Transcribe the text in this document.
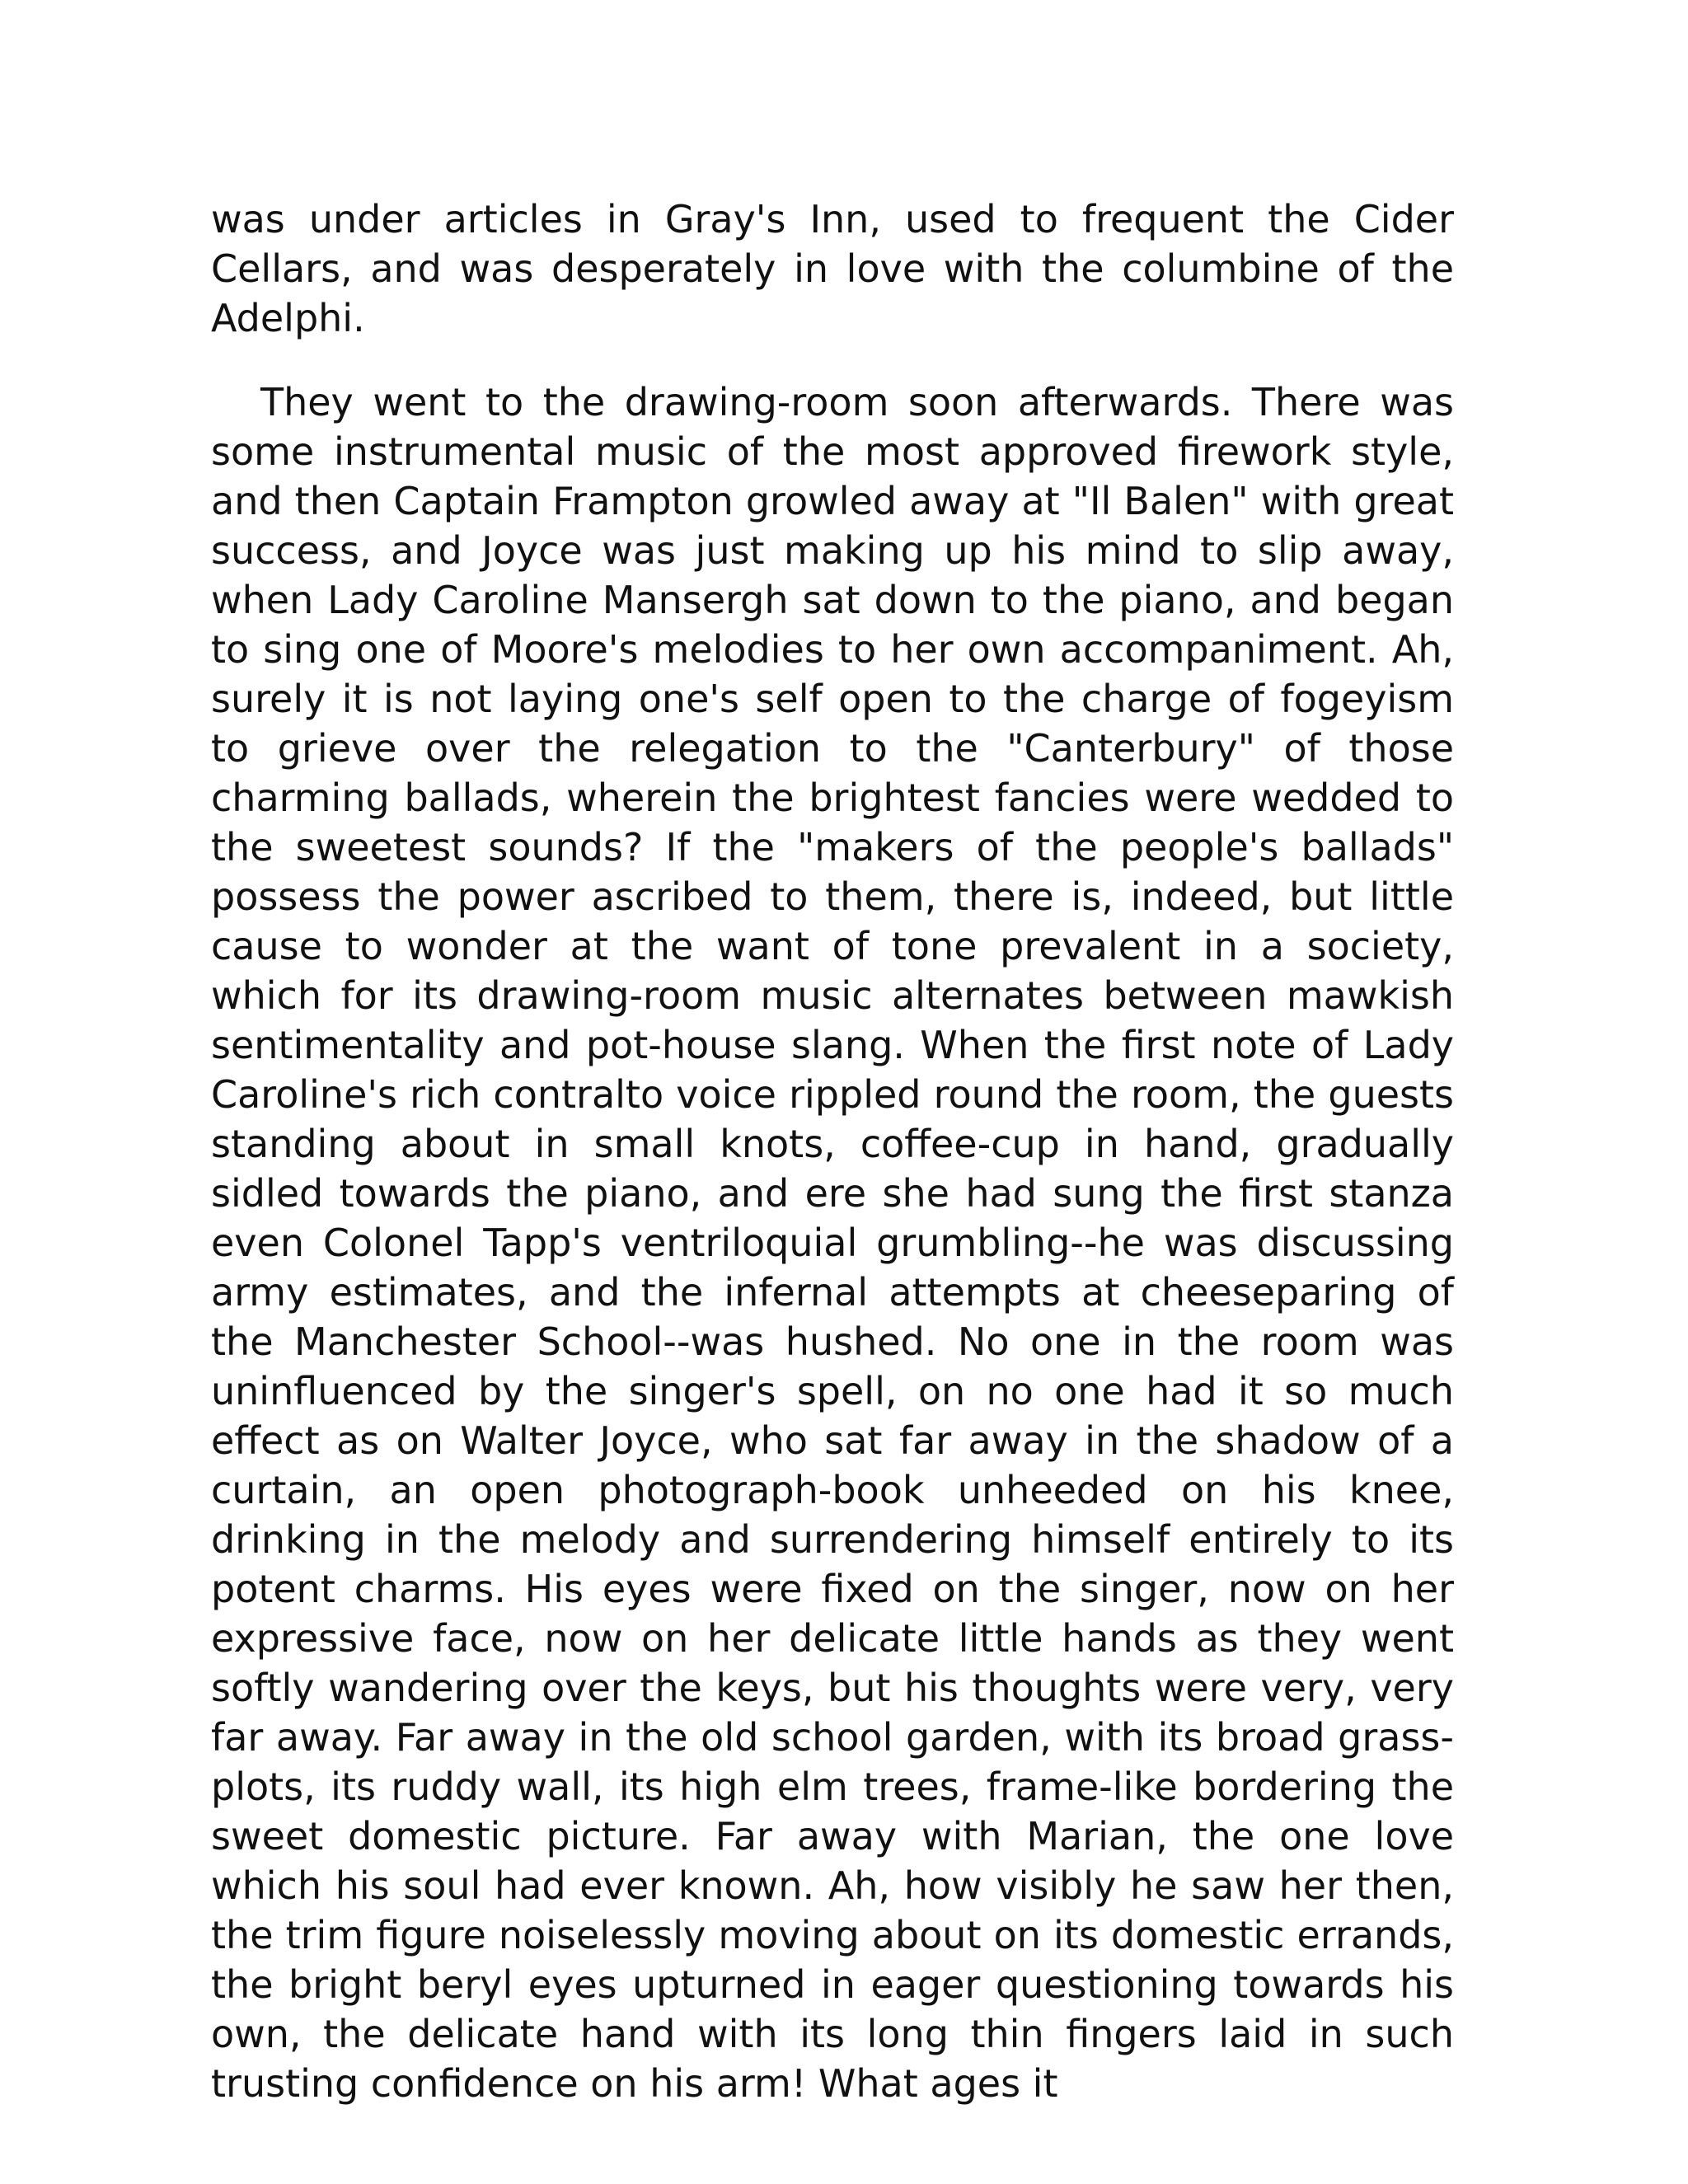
was under articles in Gray's Inn, used to frequent the Cider Cellars, and was desperately in love with the columbine of the Adelphi.

They went to the drawing-room soon afterwards. There was some instrumental music of the most approved firework style, and then Captain Frampton growled away at "Il Balen" with great success, and Joyce was just making up his mind to slip away, when Lady Caroline Mansergh sat down to the piano, and began to sing one of Moore's melodies to her own accompaniment. Ah, surely it is not laying one's self open to the charge of fogeyism to grieve over the relegation to the "Canterbury" of those charming ballads, wherein the brightest fancies were wedded to the sweetest sounds? If the "makers of the people's ballads" possess the power ascribed to them, there is, indeed, but little cause to wonder at the want of tone prevalent in a society, which for its drawing-room music alternates between mawkish sentimentality and pot-house slang. When the first note of Lady Caroline's rich contralto voice rippled round the room, the guests standing about in small knots, coffee-cup in hand, gradually sidled towards the piano, and ere she had sung the first stanza even Colonel Tapp's ventriloquial grumbling--he was discussing army estimates, and the infernal attempts at cheeseparing of the Manchester School--was hushed. No one in the room was uninfluenced by the singer's spell, on no one had it so much effect as on Walter Joyce, who sat far away in the shadow of a curtain, an open photograph-book unheeded on his knee, drinking in the melody and surrendering himself entirely to its potent charms. His eyes were fixed on the singer, now on her expressive face, now on her delicate little hands as they went softly wandering over the keys, but his thoughts were very, very far away. Far away in the old school garden, with its broad grass-plots, its ruddy wall, its high elm trees, frame-like bordering the sweet domestic picture. Far away with Marian, the one love which his soul had ever known. Ah, how visibly he saw her then, the trim figure noiselessly moving about on its domestic errands, the bright beryl eyes upturned in eager questioning towards his own, the delicate hand with its long thin fingers laid in such trusting confidence on his arm! What ages it
